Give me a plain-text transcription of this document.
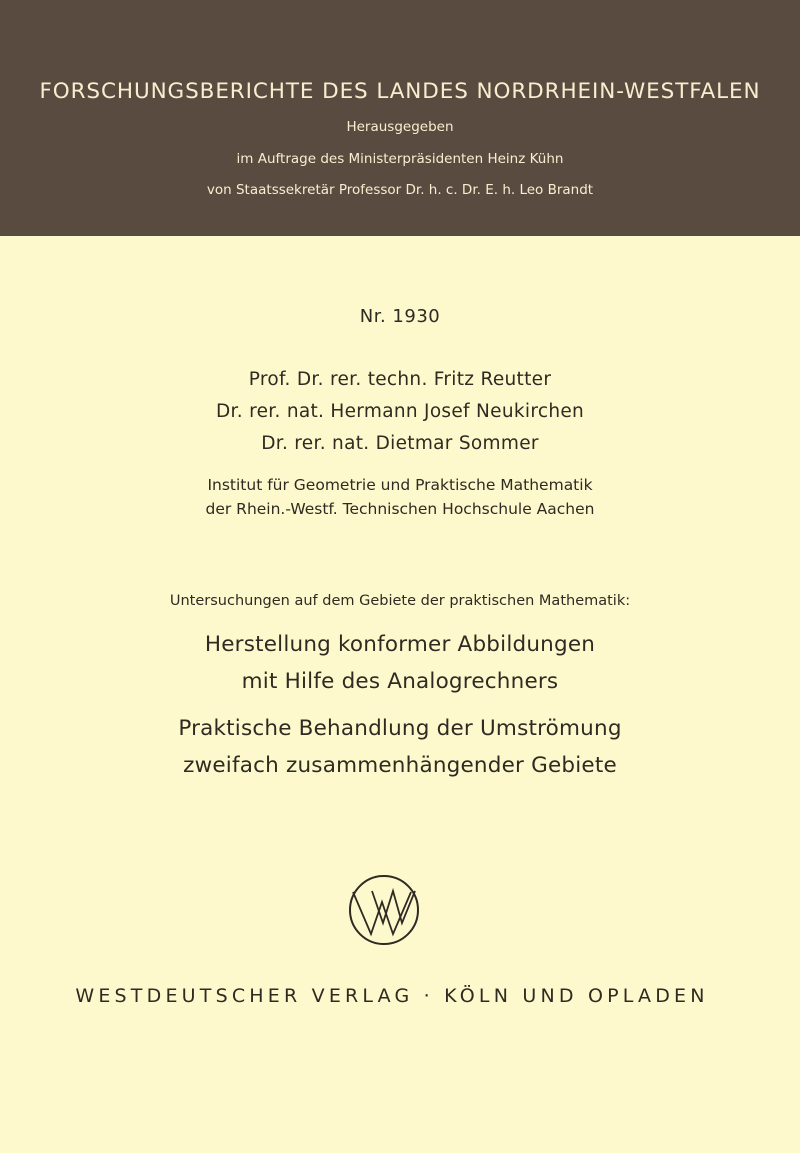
FORSCHUNGSBERICHTE DES LANDES NORDRHEIN-WESTFALEN
Herausgegeben
im Auftrage des Ministerpräsidenten Heinz Kühn
von Staatssekretär Professor Dr. h. c. Dr. E. h. Leo Brandt
Nr. 1930
Prof. Dr. rer. techn. Fritz Reutter
Dr. rer. nat. Hermann Josef Neukirchen
Dr. rer. nat. Dietmar Sommer
Institut für Geometrie und Praktische Mathematik
der Rhein.-Westf. Technischen Hochschule Aachen
Untersuchungen auf dem Gebiete der praktischen Mathematik:
Herstellung konformer Abbildungen
mit Hilfe des Analogrechners
Praktische Behandlung der Umströmung
zweifach zusammenhängender Gebiete
WESTDEUTSCHER VERLAG · KÖLN UND OPLADEN
